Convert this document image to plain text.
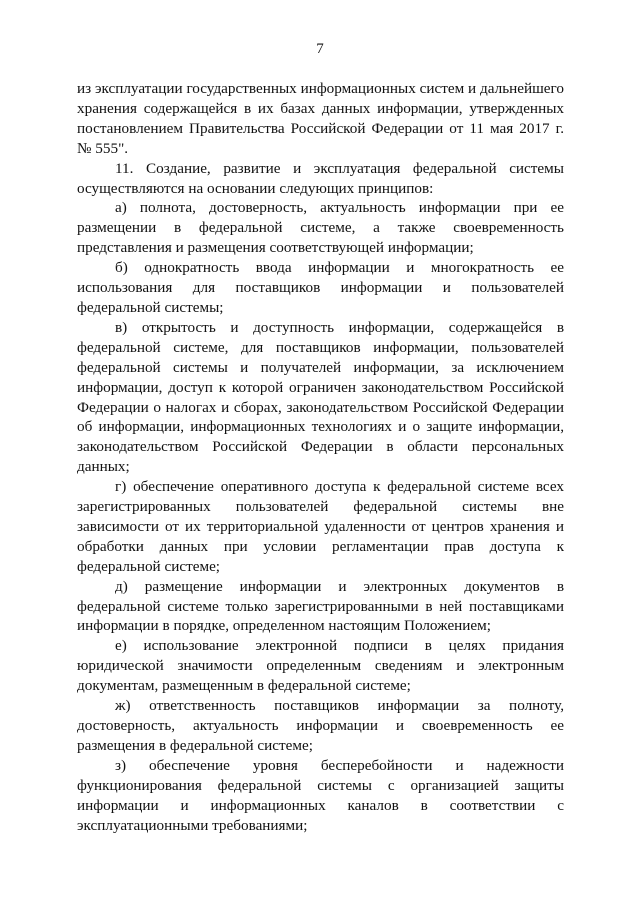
7

из эксплуатации государственных информационных систем и дальнейшего хранения содержащейся в их базах данных информации, утвержденных постановлением Правительства Российской Федерации от 11 мая 2017 г. № 555".

11. Создание, развитие и эксплуатация федеральной системы осуществляются на основании следующих принципов:

а) полнота, достоверность, актуальность информации при ее размещении в федеральной системе, а также своевременность представления и размещения соответствующей информации;

б) однократность ввода информации и многократность ее использования для поставщиков информации и пользователей федеральной системы;

в) открытость и доступность информации, содержащейся в федеральной системе, для поставщиков информации, пользователей федеральной системы и получателей информации, за исключением информации, доступ к которой ограничен законодательством Российской Федерации о налогах и сборах, законодательством Российской Федерации об информации, информационных технологиях и о защите информации, законодательством Российской Федерации в области персональных данных;

г) обеспечение оперативного доступа к федеральной системе всех зарегистрированных пользователей федеральной системы вне зависимости от их территориальной удаленности от центров хранения и обработки данных при условии регламентации прав доступа к федеральной системе;

д) размещение информации и электронных документов в федеральной системе только зарегистрированными в ней поставщиками информации в порядке, определенном настоящим Положением;

е) использование электронной подписи в целях придания юридической значимости определенным сведениям и электронным документам, размещенным в федеральной системе;

ж) ответственность поставщиков информации за полноту, достоверность, актуальность информации и своевременность ее размещения в федеральной системе;

з) обеспечение уровня бесперебойности и надежности функционирования федеральной системы с организацией защиты информации и информационных каналов в соответствии с эксплуатационными требованиями;
